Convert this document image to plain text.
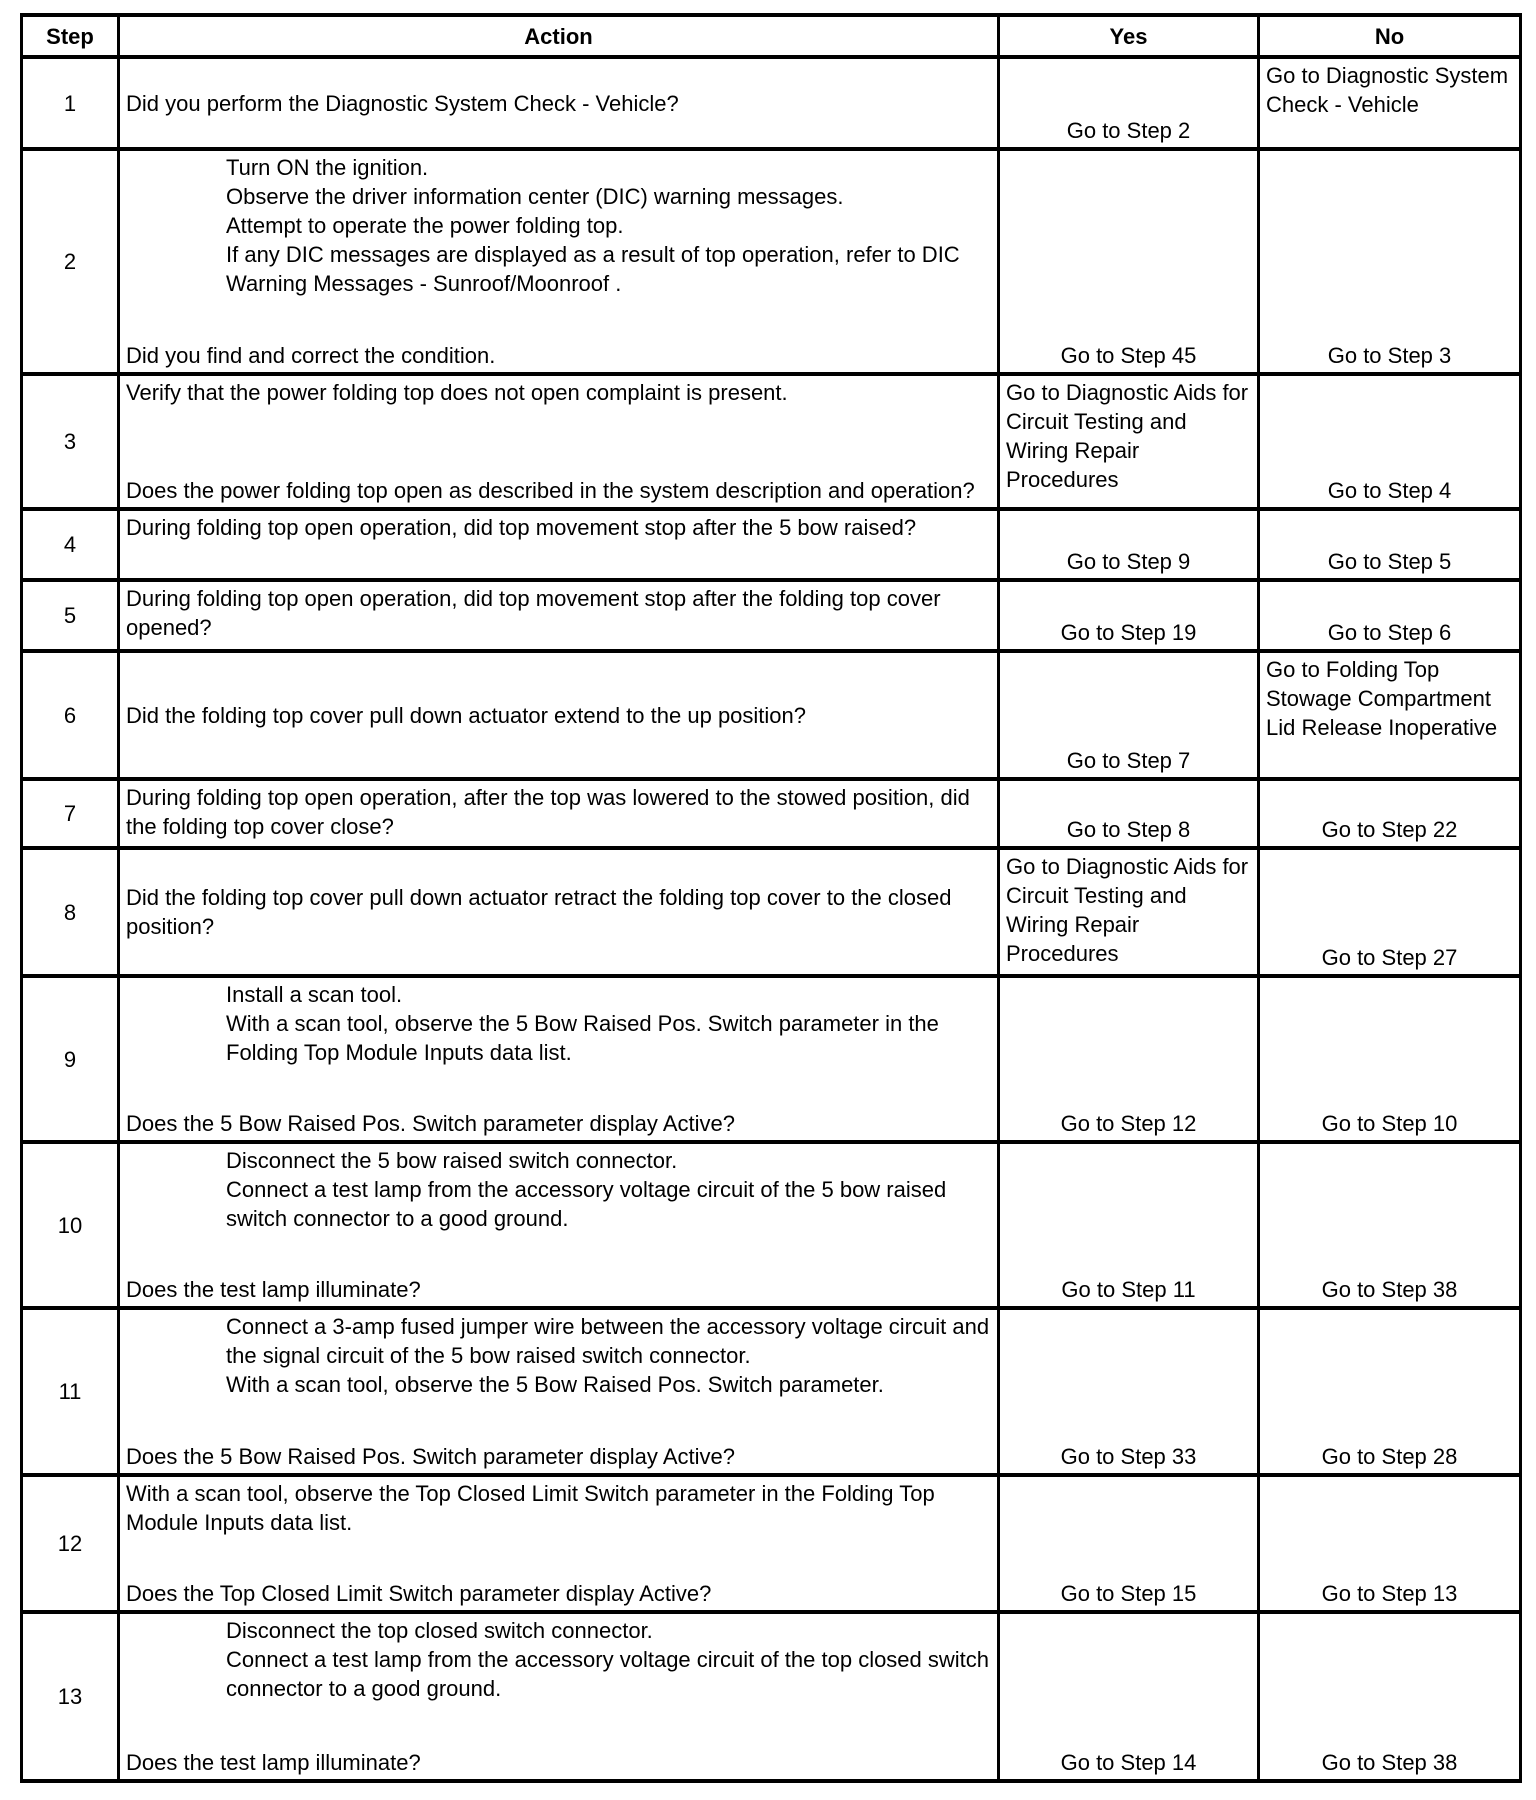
Step	Action	Yes	No
1	Did you perform the Diagnostic System Check - Vehicle?	Go to Step 2	Go to Diagnostic System Check - Vehicle
2	Turn ON the ignition.
Observe the driver information center (DIC) warning messages.
Attempt to operate the power folding top.
If any DIC messages are displayed as a result of top operation, refer to DIC Warning Messages - Sunroof/Moonroof .
Did you find and correct the condition.	Go to Step 45	Go to Step 3
3	Verify that the power folding top does not open complaint is present.
Does the power folding top open as described in the system description and operation?	Go to Diagnostic Aids for Circuit Testing and Wiring Repair Procedures	Go to Step 4
4	During folding top open operation, did top movement stop after the 5 bow raised?	Go to Step 9	Go to Step 5
5	During folding top open operation, did top movement stop after the folding top cover opened?	Go to Step 19	Go to Step 6
6	Did the folding top cover pull down actuator extend to the up position?	Go to Step 7	Go to Folding Top Stowage Compartment Lid Release Inoperative
7	During folding top open operation, after the top was lowered to the stowed position, did the folding top cover close?	Go to Step 8	Go to Step 22
8	Did the folding top cover pull down actuator retract the folding top cover to the closed position?	Go to Diagnostic Aids for Circuit Testing and Wiring Repair Procedures	Go to Step 27
9	Install a scan tool.
With a scan tool, observe the 5 Bow Raised Pos. Switch parameter in the Folding Top Module Inputs data list.
Does the 5 Bow Raised Pos. Switch parameter display Active?	Go to Step 12	Go to Step 10
10	Disconnect the 5 bow raised switch connector.
Connect a test lamp from the accessory voltage circuit of the 5 bow raised switch connector to a good ground.
Does the test lamp illuminate?	Go to Step 11	Go to Step 38
11	Connect a 3-amp fused jumper wire between the accessory voltage circuit and the signal circuit of the 5 bow raised switch connector.
With a scan tool, observe the 5 Bow Raised Pos. Switch parameter.
Does the 5 Bow Raised Pos. Switch parameter display Active?	Go to Step 33	Go to Step 28
12	With a scan tool, observe the Top Closed Limit Switch parameter in the Folding Top Module Inputs data list.
Does the Top Closed Limit Switch parameter display Active?	Go to Step 15	Go to Step 13
13	Disconnect the top closed switch connector.
Connect a test lamp from the accessory voltage circuit of the top closed switch connector to a good ground.
Does the test lamp illuminate?	Go to Step 14	Go to Step 38
